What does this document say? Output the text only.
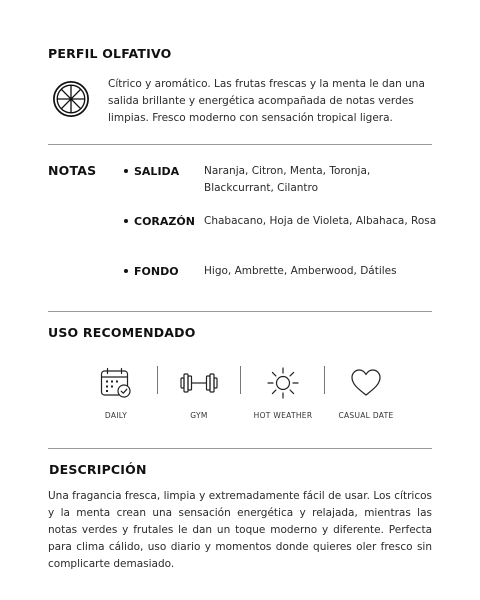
PERFIL OLFATIVO
Cítrico y aromático. Las frutas frescas y la menta le dan una salida brillante y energética acompañada de notas verdes limpias. Fresco moderno con sensación tropical ligera.
NOTAS	SALIDA Naranja, Citron, Menta, Toronja, Blackcurrant, Cilantro
CORAZÓN Chabacano, Hoja de Violeta, Albahaca, Rosa
FONDO Higo, Ambrette, Amberwood, Dátiles
USO RECOMENDADO
DAILY	GYM	HOT WEATHER	CASUAL DATE
DESCRIPCIÓN
Una fragancia fresca, limpia y extremadamente fácil de usar. Los cítricos y la menta crean una sensación energética y relajada, mientras las notas verdes y frutales le dan un toque moderno y diferente. Perfecta para clima cálido, uso diario y momentos donde quieres oler fresco sin complicarte demasiado.
